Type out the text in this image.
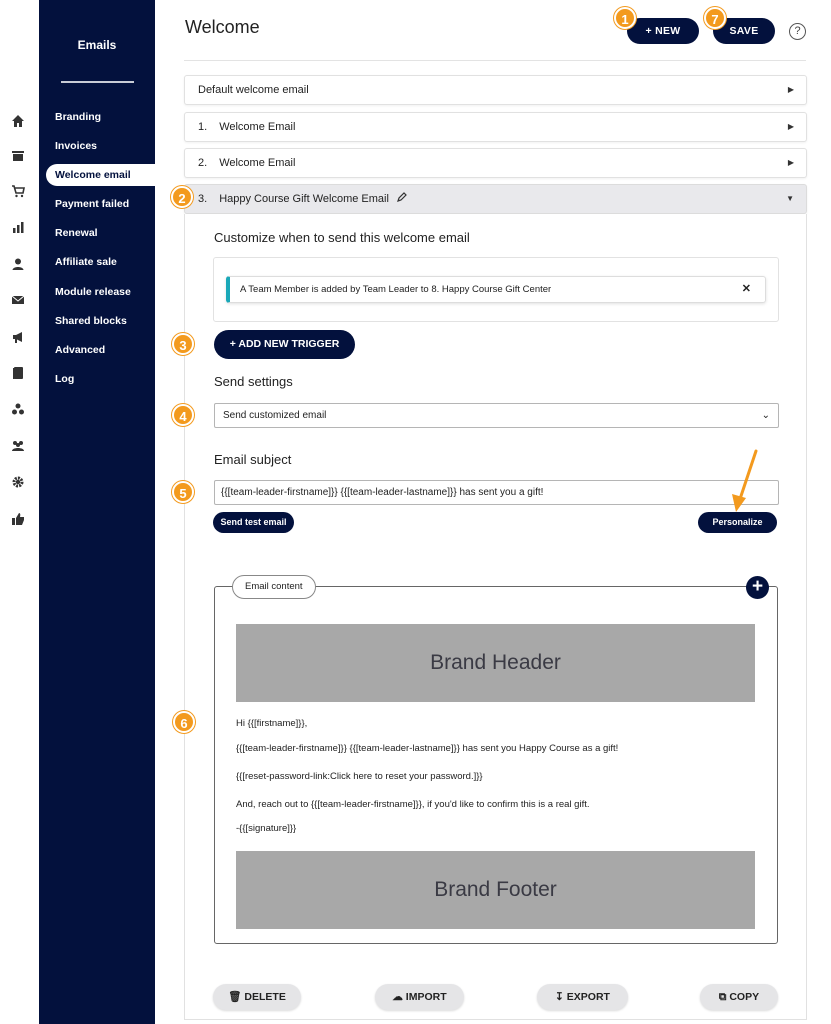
Emails
Branding
Invoices
Welcome email
Payment failed
Renewal
Affiliate sale
Module release
Shared blocks
Advanced
Log
Welcome	+ NEW	SAVE	?
Default welcome email	▶
1. Welcome Email	▶
2. Welcome Email	▶
3. Happy Course Gift Welcome Email	▼
Customize when to send this welcome email
A Team Member is added by Team Leader to 8. Happy Course Gift Center	✕
+ ADD NEW TRIGGER
Send settings
Send customized email	⌄
Email subject
{{[team-leader-firstname]}} {{[team-leader-lastname]}} has sent you a gift!
Send test email	Personalize
Email content	+
Brand Header
Hi {{[firstname]}},
{{[team-leader-firstname]}} {{[team-leader-lastname]}} has sent you Happy Course as a gift!
{{[reset-password-link:Click here to reset your password.]}}
And, reach out to {{[team-leader-firstname]}}, if you'd like to confirm this is a real gift.
-{{[signature]}}
Brand Footer
🗑︎ DELETE	☁ IMPORT	↧ EXPORT	⧉ COPY
1
2
3
4
5
6
7
